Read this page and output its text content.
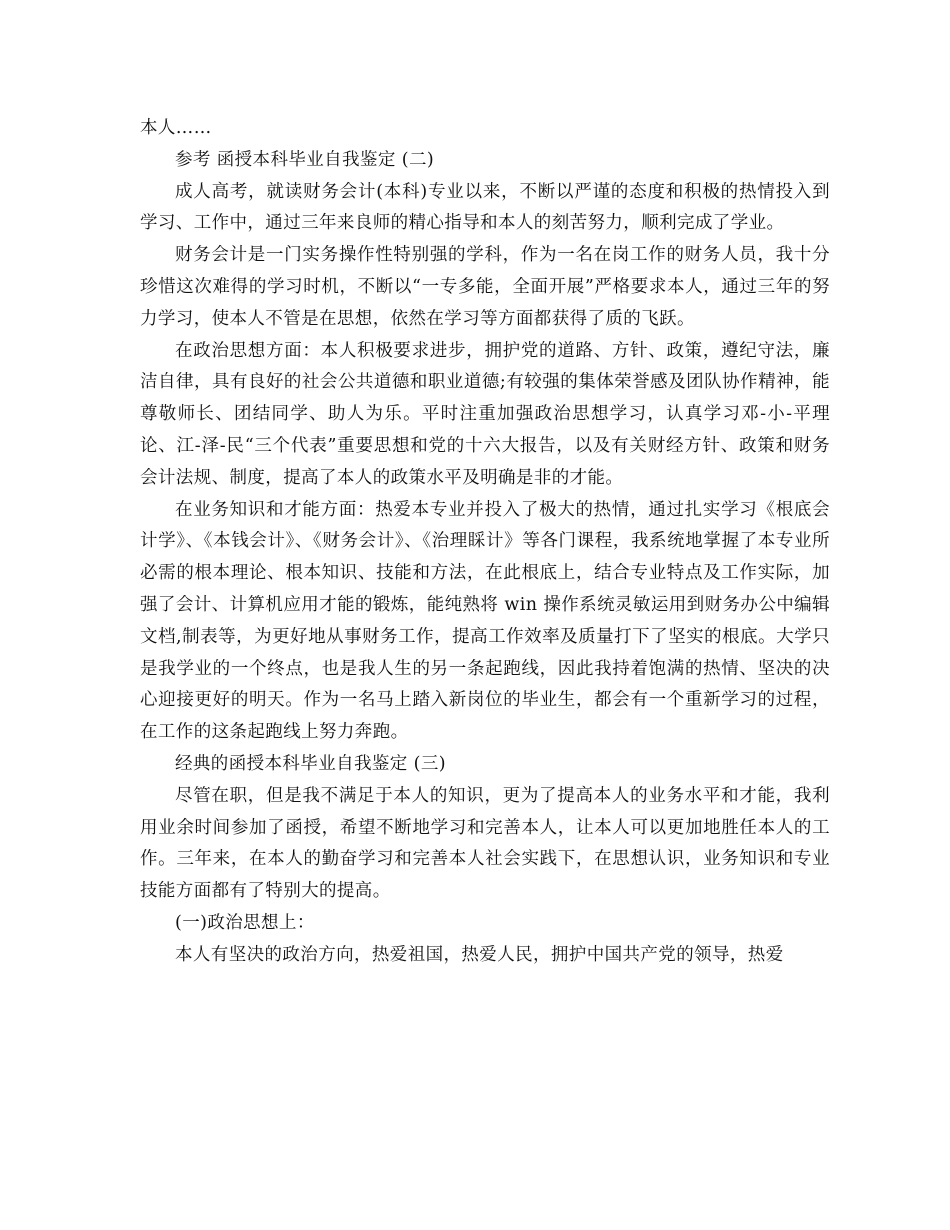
本人……

参考 函授本科毕业自我鉴定 (二)

成人高考，就读财务会计(本科)专业以来，不断以严谨的态度和积极的热情投入到学习、工作中，通过三年来良师的精心指导和本人的刻苦努力，顺利完成了学业。

财务会计是一门实务操作性特别强的学科，作为一名在岗工作的财务人员，我十分珍惜这次难得的学习时机，不断以“一专多能，全面开展”严格要求本人，通过三年的努力学习，使本人不管是在思想，依然在学习等方面都获得了质的飞跃。

在政治思想方面：本人积极要求进步，拥护党的道路、方针、政策，遵纪守法，廉洁自律，具有良好的社会公共道德和职业道德;有较强的集体荣誉感及团队协作精神，能尊敬师长、团结同学、助人为乐。平时注重加强政治思想学习，认真学习邓-小-平理论、江-泽-民“三个代表”重要思想和党的十六大报告，以及有关财经方针、政策和财务会计法规、制度，提高了本人的政策水平及明确是非的才能。

在业务知识和才能方面：热爱本专业并投入了极大的热情，通过扎实学习《根底会计学》、《本钱会计》、《财务会计》、《治理睬计》等各门课程，我系统地掌握了本专业所必需的根本理论、根本知识、技能和方法，在此根底上，结合专业特点及工作实际，加强了会计、计算机应用才能的锻炼，能纯熟将 win 操作系统灵敏运用到财务办公中编辑文档,制表等，为更好地从事财务工作，提高工作效率及质量打下了坚实的根底。大学只是我学业的一个终点，也是我人生的另一条起跑线，因此我持着饱满的热情、坚决的决心迎接更好的明天。作为一名马上踏入新岗位的毕业生，都会有一个重新学习的过程，在工作的这条起跑线上努力奔跑。

经典的函授本科毕业自我鉴定 (三)

尽管在职，但是我不满足于本人的知识，更为了提高本人的业务水平和才能，我利用业余时间参加了函授，希望不断地学习和完善本人，让本人可以更加地胜任本人的工作。三年来，在本人的勤奋学习和完善本人社会实践下，在思想认识，业务知识和专业技能方面都有了特别大的提高。

(一)政治思想上：

本人有坚决的政治方向，热爱祖国，热爱人民，拥护中国共产党的领导，热爱
